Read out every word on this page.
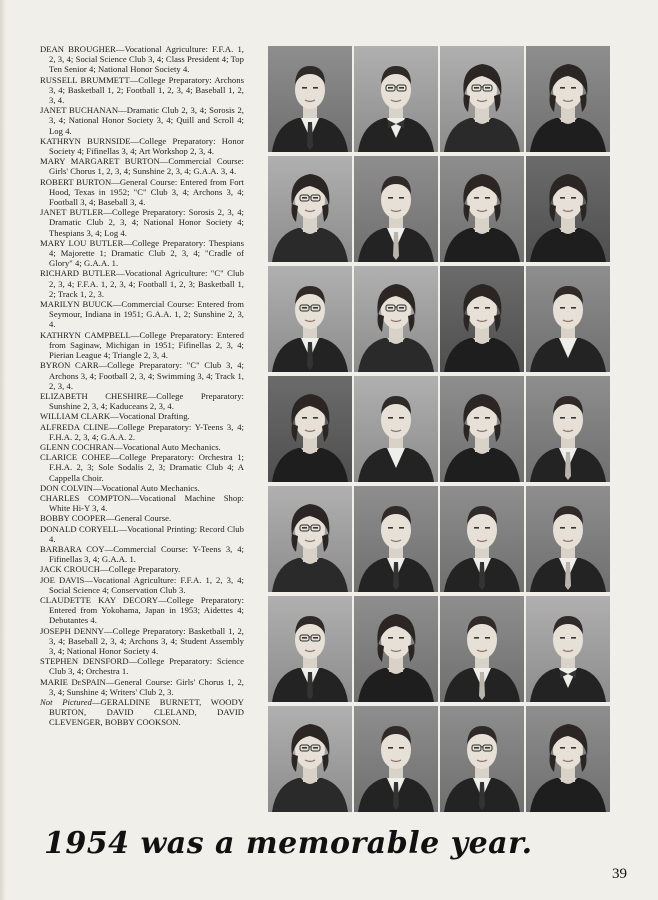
DEAN BROUGHER—Vocational Agriculture: F.F.A. 1, 2, 3, 4; Social Science Club 3, 4; Class President 4; Top Ten Senior 4; National Honor Society 4.

RUSSELL BRUMMETT—College Preparatory: Archons 3, 4; Basketball 1, 2; Football 1, 2, 3, 4; Baseball 1, 2, 3, 4.

JANET BUCHANAN—Dramatic Club 2, 3, 4; Sorosis 2, 3, 4; National Honor Society 3, 4; Quill and Scroll 4; Log 4.

KATHRYN BURNSIDE—College Preparatory: Honor Society 4; Fifinellas 3, 4; Art Workshop 2, 3, 4.

MARY MARGARET BURTON—Commercial Course: Girls' Chorus 1, 2, 3, 4; Sunshine 2, 3, 4; G.A.A. 3, 4.

ROBERT BURTON—General Course: Entered from Fort Hood, Texas in 1952; "C" Club 3, 4; Archons 3, 4; Football 3, 4; Baseball 3, 4.

JANET BUTLER—College Preparatory: Sorosis 2, 3, 4; Dramatic Club 2, 3, 4; National Honor Society 4; Thespians 3, 4; Log 4.

MARY LOU BUTLER—College Preparatory: Thespians 4; Majorette 1; Dramatic Club 2, 3, 4; "Cradle of Glory" 4; G.A.A. 1.

RICHARD BUTLER—Vocational Agriculture: "C" Club 2, 3, 4; F.F.A. 1, 2, 3, 4; Football 1, 2, 3; Basketball 1, 2; Track 1, 2, 3.

MARILYN BUUCK—Commercial Course: Entered from Seymour, Indiana in 1951; G.A.A. 1, 2; Sunshine 2, 3, 4.

KATHRYN CAMPBELL—College Preparatory: Entered from Saginaw, Michigan in 1951; Fifinellas 2, 3, 4; Pierian League 4; Triangle 2, 3, 4.

BYRON CARR—College Preparatory: "C" Club 3, 4; Archons 3, 4; Football 2, 3, 4; Swimming 3, 4; Track 1, 2, 3, 4.

ELIZABETH CHESHIRE—College Preparatory: Sunshine 2, 3, 4; Kaduceans 2, 3, 4.

WILLIAM CLARK—Vocational Drafting.

ALFREDA CLINE—College Preparatory: Y-Teens 3, 4; F.H.A. 2, 3, 4; G.A.A. 2.

GLENN COCHRAN—Vocational Auto Mechanics.

CLARICE COHEE—College Preparatory: Orchestra 1; F.H.A. 2, 3; Sole Sodalis 2, 3; Dramatic Club 4; A Cappella Choir.

DON COLVIN—Vocational Auto Mechanics.

CHARLES COMPTON—Vocational Machine Shop: White Hi-Y 3, 4.

BOBBY COOPER—General Course.

DONALD CORYELL—Vocational Printing: Record Club 4.

BARBARA COY—Commercial Course: Y-Teens 3, 4; Fifinellas 3, 4; G.A.A. 1.

JACK CROUCH—College Preparatory.

JOE DAVIS—Vocational Agriculture: F.F.A. 1, 2, 3, 4; Social Science 4; Conservation Club 3.

CLAUDETTE KAY DECORY—College Preparatory: Entered from Yokohama, Japan in 1953; Aidettes 4; Debutantes 4.

JOSEPH DENNY—College Preparatory: Basketball 1, 2, 3, 4; Baseball 2, 3, 4; Archons 3, 4; Student Assembly 3, 4; National Honor Society 4.

STEPHEN DENSFORD—College Preparatory: Science Club 3, 4; Orchestra 1.

MARIE DeSPAIN—General Course: Girls' Chorus 1, 2, 3, 4; Sunshine 4; Writers' Club 2, 3.

Not Pictured—GERALDINE BURNETT, WOODY BURTON, DAVID CLELAND, DAVID CLEVENGER, BOBBY COOKSON.

1954 was a memorable year.
39
